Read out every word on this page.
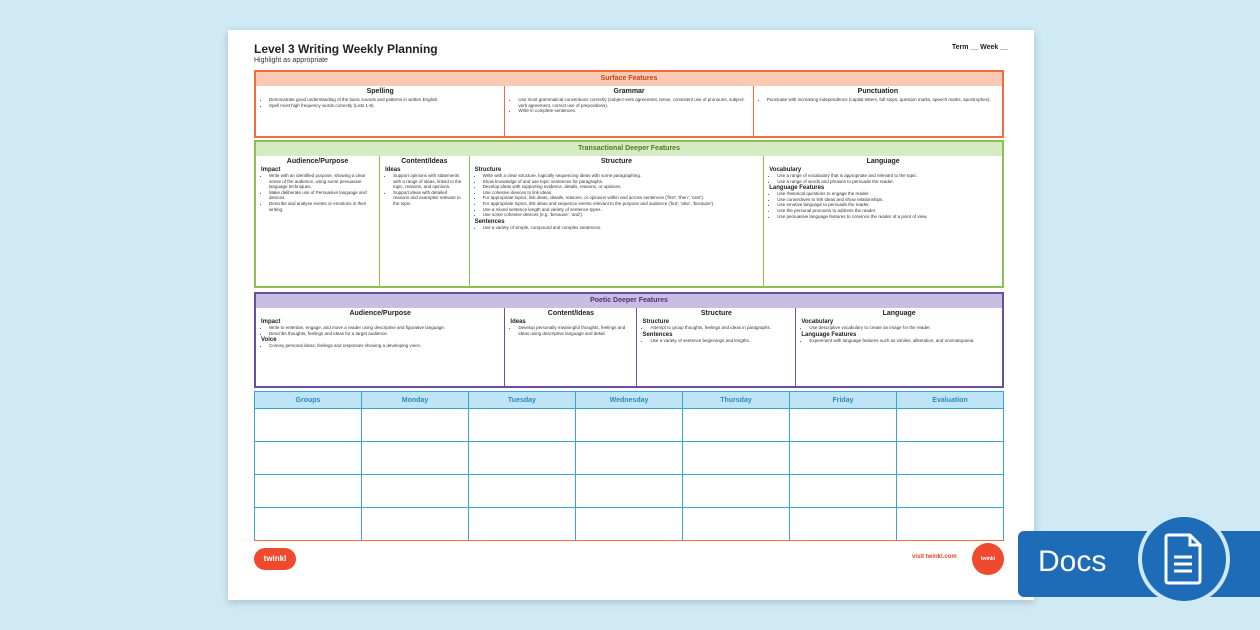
Level 3 Writing Weekly Planning
Highlight as appropriate
Term __ Week __
Surface Features
Spelling
• Demonstrate good understanding of the basic sounds and patterns in written English.
• Spell most high frequency words correctly (Lists 1-6).
Grammar
• Use most grammatical conventions correctly (subject-verb agreement, tense, consistent use of pronouns, subject-verb agreement, correct use of prepositions).
• Write in complete sentences.
Punctuation
• Punctuate with increasing independence (capital letters, full stops, question marks, speech marks, apostrophes).
Transactional Deeper Features
Audience/Purpose
Impact
• Write with an identified purpose, showing a clear sense of the audience, using some persuasive language techniques.
• Make deliberate use of Persuasive language and devices.
• Describe and analyse events or emotions in their writing.
Content/Ideas
Ideas
• Support opinions with statements with a range of ideas, linked to the topic, reasons, and opinions.
• Support ideas with detailed reasons and examples relevant to the topic.
Structure
Structure
• Write with a clear structure, logically sequencing ideas with some paragraphing.
• Show knowledge of and use topic sentences for paragraphs.
• Develop ideas with supporting evidence, details, reasons, or opinions.
• Use cohesive devices to link ideas.
• For appropriate topics, link ideas, details, reasons, or opinions within and across sentences ('first', 'then', 'next').
• For appropriate topics, link ideas and sequence events relevant to the purpose and audience ('but', 'also', 'because').
• Use a mixed sentence length and variety of sentence types.
• Use some cohesive devices (e.g. 'because', 'and').
Sentences
• Use a variety of simple, compound and complex sentences.
Language
Vocabulary
• Use a range of vocabulary that is appropriate and relevant to the topic.
• Use a range of words and phrases to persuade the reader.
Language Features
• Use rhetorical questions to engage the reader.
• Use connectives to link ideas and show relationships.
• Use emotive language to persuade the reader.
• Use the personal pronouns to address the reader.
• Use persuasive language features to convince the reader of a point of view.
Poetic Deeper Features
Audience/Purpose
Impact
• Write to entertain, engage, and move a reader using descriptive and figurative language.
• Describe thoughts, feelings and ideas for a target audience.
Voice
• Convey personal ideas, feelings and responses showing a developing voice.
Content/Ideas
Ideas
• Develop personally meaningful thoughts, feelings and ideas using descriptive language and detail.
Structure
Structure
• Attempt to group thoughts, feelings and ideas in paragraphs.
Sentences
• Use a variety of sentence beginnings and lengths.
Language
Vocabulary
• Use descriptive vocabulary to create an image for the reader.
Language Features
• Experiment with language features such as similes, alliteration, and onomatopoeia.
Groups	Monday	Tuesday	Wednesday	Thursday	Friday	Evaluation

twinkl	visit twinkl.com	twinkl Docs
